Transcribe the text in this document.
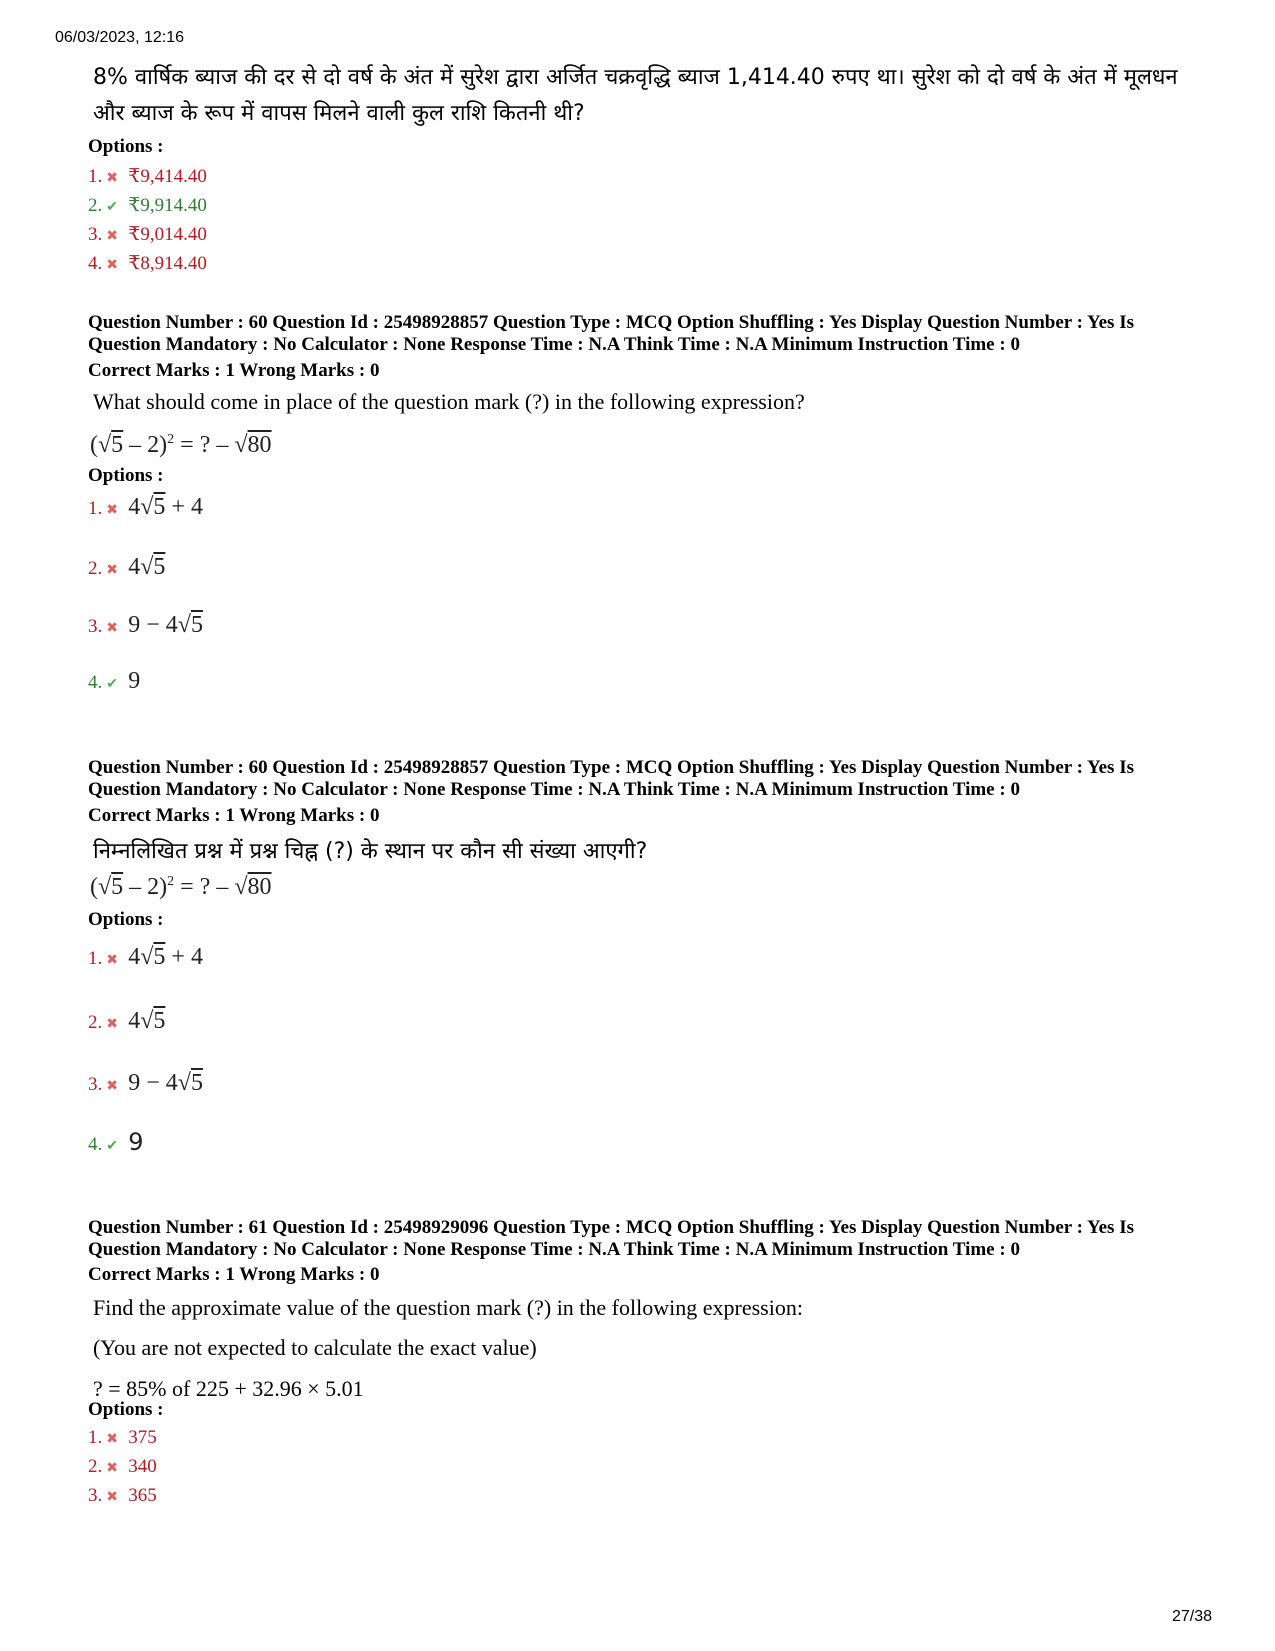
06/03/2023, 12:16
8% वार्षिक ब्याज की दर से दो वर्ष के अंत में सुरेश द्वारा अर्जित चक्रवृद्धि ब्याज 1,414.40 रुपए था। सुरेश को दो वर्ष के अंत में मूलधन और ब्याज के रूप में वापस मिलने वाली कुल राशि कितनी थी?
Options :
1. ✖ ₹9,414.40
2. ✔ ₹9,914.40
3. ✖ ₹9,014.40
4. ✖ ₹8,914.40
Question Number : 60 Question Id : 25498928857 Question Type : MCQ Option Shuffling : Yes Display Question Number : Yes Is
Question Mandatory : No Calculator : None Response Time : N.A Think Time : N.A Minimum Instruction Time : 0
Correct Marks : 1 Wrong Marks : 0
What should come in place of the question mark (?) in the following expression?
(√5 – 2)$^2$ = ? – √80
Options :
1. ✖ 4√5 + 4
2. ✖ 4√5
3. ✖ 9 − 4√5
4. ✔ 9
Question Number : 60 Question Id : 25498928857 Question Type : MCQ Option Shuffling : Yes Display Question Number : Yes Is
Question Mandatory : No Calculator : None Response Time : N.A Think Time : N.A Minimum Instruction Time : 0
Correct Marks : 1 Wrong Marks : 0
निम्नलिखित प्रश्न में प्रश्न चिह्न (?) के स्थान पर कौन सी संख्या आएगी?
(√5 – 2)$^2$ = ? – √80
Options :
1. ✖ 4√5 + 4
2. ✖ 4√5
3. ✖ 9 − 4√5
4. ✔ 9
Question Number : 61 Question Id : 25498929096 Question Type : MCQ Option Shuffling : Yes Display Question Number : Yes Is
Question Mandatory : No Calculator : None Response Time : N.A Think Time : N.A Minimum Instruction Time : 0
Correct Marks : 1 Wrong Marks : 0
Find the approximate value of the question mark (?) in the following expression:
(You are not expected to calculate the exact value)
? = 85% of 225 + 32.96 × 5.01
Options :
1. ✖ 375
2. ✖ 340
3. ✖ 365
27/38
